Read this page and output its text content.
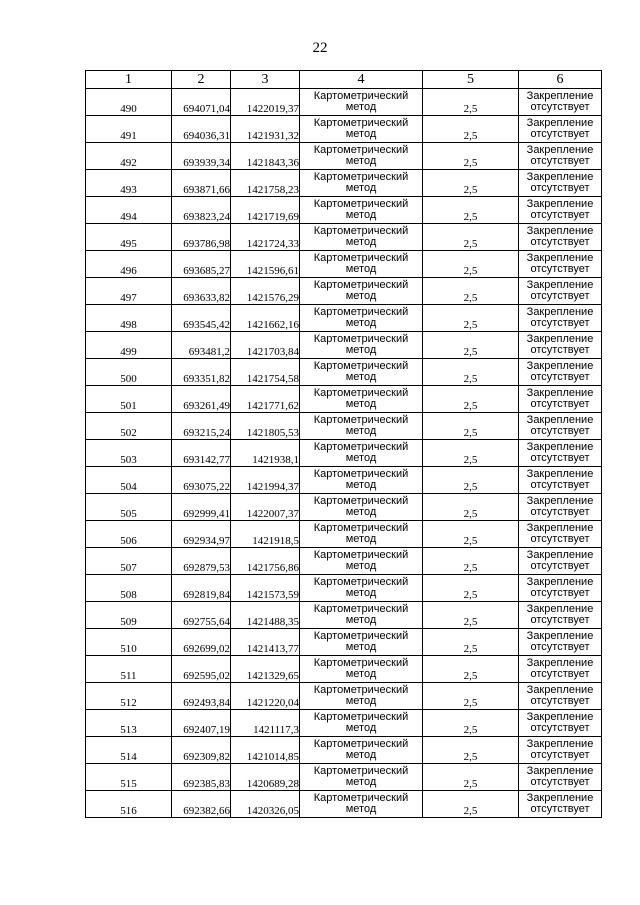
22
1	2	3	4	5	6
490	694071,04	1422019,37	Картометрический
метод	2,5	Закрепление
отсутствует

491	694036,31	1421931,32	Картометрический
метод	2,5	Закрепление
отсутствует

492	693939,34	1421843,36	Картометрический
метод	2,5	Закрепление
отсутствует

493	693871,66	1421758,23	Картометрический
метод	2,5	Закрепление
отсутствует

494	693823,24	1421719,69	Картометрический
метод	2,5	Закрепление
отсутствует

495	693786,98	1421724,33	Картометрический
метод	2,5	Закрепление
отсутствует

496	693685,27	1421596,61	Картометрический
метод	2,5	Закрепление
отсутствует

497	693633,82	1421576,29	Картометрический
метод	2,5	Закрепление
отсутствует

498	693545,42	1421662,16	Картометрический
метод	2,5	Закрепление
отсутствует

499	693481,2	1421703,84	Картометрический
метод	2,5	Закрепление
отсутствует

500	693351,82	1421754,58	Картометрический
метод	2,5	Закрепление
отсутствует

501	693261,49	1421771,62	Картометрический
метод	2,5	Закрепление
отсутствует

502	693215,24	1421805,53	Картометрический
метод	2,5	Закрепление
отсутствует

503	693142,77	1421938,1	Картометрический
метод	2,5	Закрепление
отсутствует

504	693075,22	1421994,37	Картометрический
метод	2,5	Закрепление
отсутствует

505	692999,41	1422007,37	Картометрический
метод	2,5	Закрепление
отсутствует

506	692934,97	1421918,5	Картометрический
метод	2,5	Закрепление
отсутствует

507	692879,53	1421756,86	Картометрический
метод	2,5	Закрепление
отсутствует

508	692819,84	1421573,59	Картометрический
метод	2,5	Закрепление
отсутствует

509	692755,64	1421488,35	Картометрический
метод	2,5	Закрепление
отсутствует

510	692699,02	1421413,77	Картометрический
метод	2,5	Закрепление
отсутствует

511	692595,02	1421329,65	Картометрический
метод	2,5	Закрепление
отсутствует

512	692493,84	1421220,04	Картометрический
метод	2,5	Закрепление
отсутствует

513	692407,19	1421117,3	Картометрический
метод	2,5	Закрепление
отсутствует

514	692309,82	1421014,85	Картометрический
метод	2,5	Закрепление
отсутствует

515	692385,83	1420689,28	Картометрический
метод	2,5	Закрепление
отсутствует

516	692382,66	1420326,05	Картометрический
метод	2,5	Закрепление
отсутствует
